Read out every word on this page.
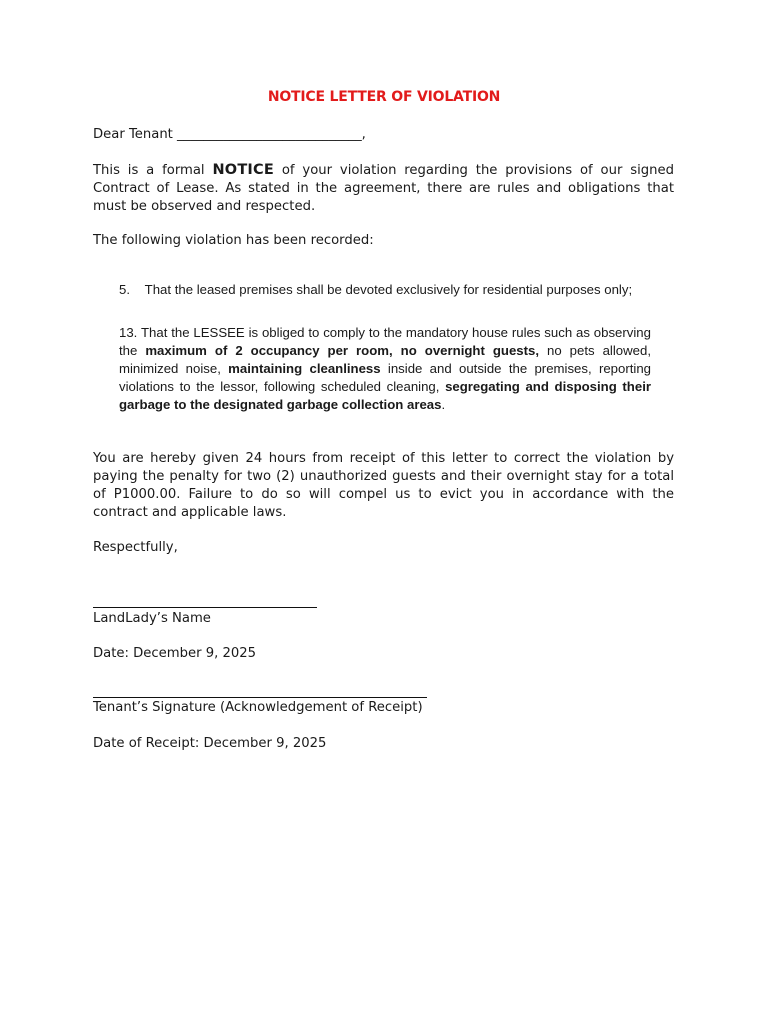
NOTICE LETTER OF VIOLATION
Dear Tenant ____________________________,
This is a formal NOTICE of your violation regarding the provisions of our signed Contract of Lease. As stated in the agreement, there are rules and obligations that must be observed and respected.
The following violation has been recorded:
5. That the leased premises shall be devoted exclusively for residential purposes only;
13. That the LESSEE is obliged to comply to the mandatory house rules such as observing the maximum of 2 occupancy per room, no overnight guests, no pets allowed, minimized noise, maintaining cleanliness inside and outside the premises, reporting violations to the lessor, following scheduled cleaning, segregating and disposing their garbage to the designated garbage collection areas.
You are hereby given 24 hours from receipt of this letter to correct the violation by paying the penalty for two (2) unauthorized guests and their overnight stay for a total of P1000.00. Failure to do so will compel us to evict you in accordance with the contract and applicable laws.
Respectfully,
LandLady’s Name
Date: December 9, 2025
Tenant’s Signature (Acknowledgement of Receipt)
Date of Receipt: December 9, 2025
